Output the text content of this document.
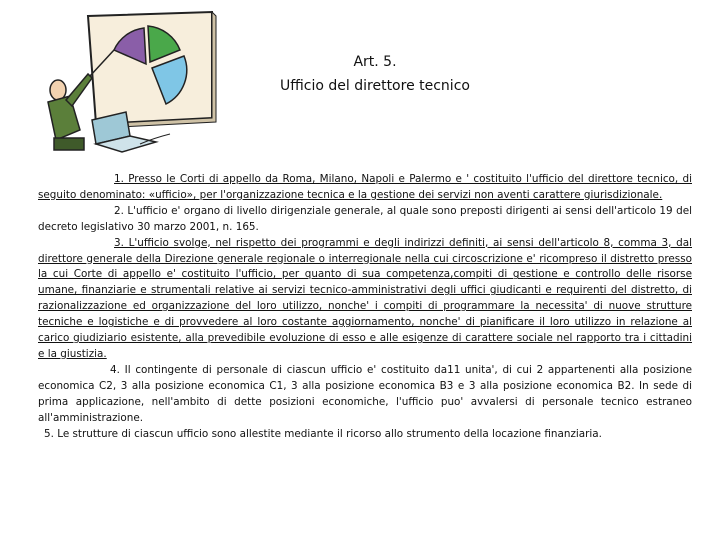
Art. 5.
Ufficio del direttore tecnico

1. Presso le Corti di appello da Roma, Milano, Napoli e Palermo e ' costituito l'ufficio del direttore tecnico, di seguito denominato: «ufficio», per l'organizzazione tecnica e la gestione dei servizi non aventi carattere giurisdizionale.

2. L'ufficio e' organo di livello dirigenziale generale, al quale sono preposti dirigenti ai sensi dell'articolo 19 del decreto legislativo 30 marzo 2001, n. 165.

3. L'ufficio svolge, nel rispetto dei programmi e degli indirizzi definiti, ai sensi dell'articolo 8, comma 3, dal direttore generale della Direzione generale regionale o interregionale nella cui circoscrizione e' ricompreso il distretto presso la cui Corte di appello e' costituito l'ufficio, per quanto di sua competenza,compiti di gestione e controllo delle risorse umane, finanziarie e strumentali relative ai servizi tecnico-amministrativi degli uffici giudicanti e requirenti del distretto, di razionalizzazione ed organizzazione del loro utilizzo, nonche' i compiti di programmare la necessita' di nuove strutture tecniche e logistiche e di provvedere al loro costante aggiornamento, nonche' di pianificare il loro utilizzo in relazione al carico giudiziario esistente, alla prevedibile evoluzione di esso e alle esigenze di carattere sociale nel rapporto tra i cittadini e la giustizia.

4. Il contingente di personale di ciascun ufficio e' costituito da11 unita', di cui 2 appartenenti alla posizione economica C2, 3 alla posizione economica C1, 3 alla posizione economica B3 e 3 alla posizione economica B2. In sede di prima applicazione, nell'ambito di dette posizioni economiche, l'ufficio puo' avvalersi di personale tecnico estraneo all'amministrazione.

5. Le strutture di ciascun ufficio sono allestite mediante il ricorso allo strumento della locazione finanziaria.
